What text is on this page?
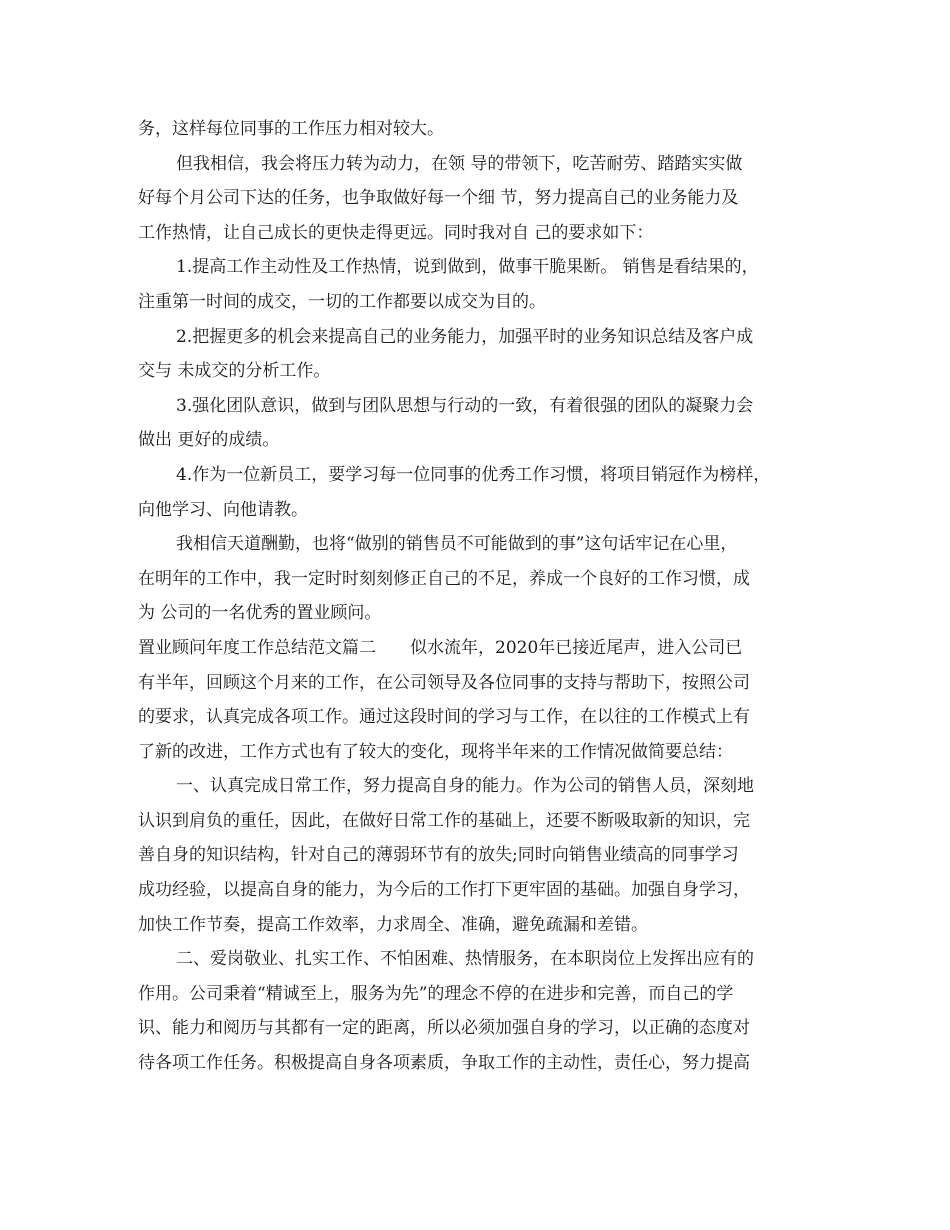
务，这样每位同事的工作压力相对较大。
但我相信，我会将压力转为动力，在领 导的带领下，吃苦耐劳、踏踏实实做
好每个月公司下达的任务，也争取做好每一个细 节，努力提高自己的业务能力及
工作热情，让自己成长的更快走得更远。同时我对自 己的要求如下：
1.提高工作主动性及工作热情，说到做到，做事干脆果断。 销售是看结果的，
注重第一时间的成交，一切的工作都要以成交为目的。
2.把握更多的机会来提高自己的业务能力，加强平时的业务知识总结及客户成
交与 未成交的分析工作。
3.强化团队意识，做到与团队思想与行动的一致，有着很强的团队的凝聚力会
做出 更好的成绩。
4.作为一位新员工，要学习每一位同事的优秀工作习惯，将项目销冠作为榜样，
向他学习、向他请教。
我相信天道酬勤，也将“做别的销售员不可能做到的事”这句话牢记在心里，
在明年的工作中，我一定时时刻刻修正自己的不足，养成一个良好的工作习惯，成
为 公司的一名优秀的置业顾问。
置业顾问年度工作总结范文篇二　　似水流年，2020年已接近尾声，进入公司已
有半年，回顾这个月来的工作，在公司领导及各位同事的支持与帮助下，按照公司
的要求，认真完成各项工作。通过这段时间的学习与工作，在以往的工作模式上有
了新的改进，工作方式也有了较大的变化，现将半年来的工作情况做简要总结：
一、认真完成日常工作，努力提高自身的能力。作为公司的销售人员，深刻地
认识到肩负的重任，因此，在做好日常工作的基础上，还要不断吸取新的知识，完
善自身的知识结构，针对自己的薄弱环节有的放失;同时向销售业绩高的同事学习
成功经验，以提高自身的能力，为今后的工作打下更牢固的基础。加强自身学习，
加快工作节奏，提高工作效率，力求周全、准确，避免疏漏和差错。
二、爱岗敬业、扎实工作、不怕困难、热情服务，在本职岗位上发挥出应有的
作用。公司秉着“精诚至上，服务为先”的理念不停的在进步和完善，而自己的学
识、能力和阅历与其都有一定的距离，所以必须加强自身的学习，以正确的态度对
待各项工作任务。积极提高自身各项素质，争取工作的主动性，责任心，努力提高
